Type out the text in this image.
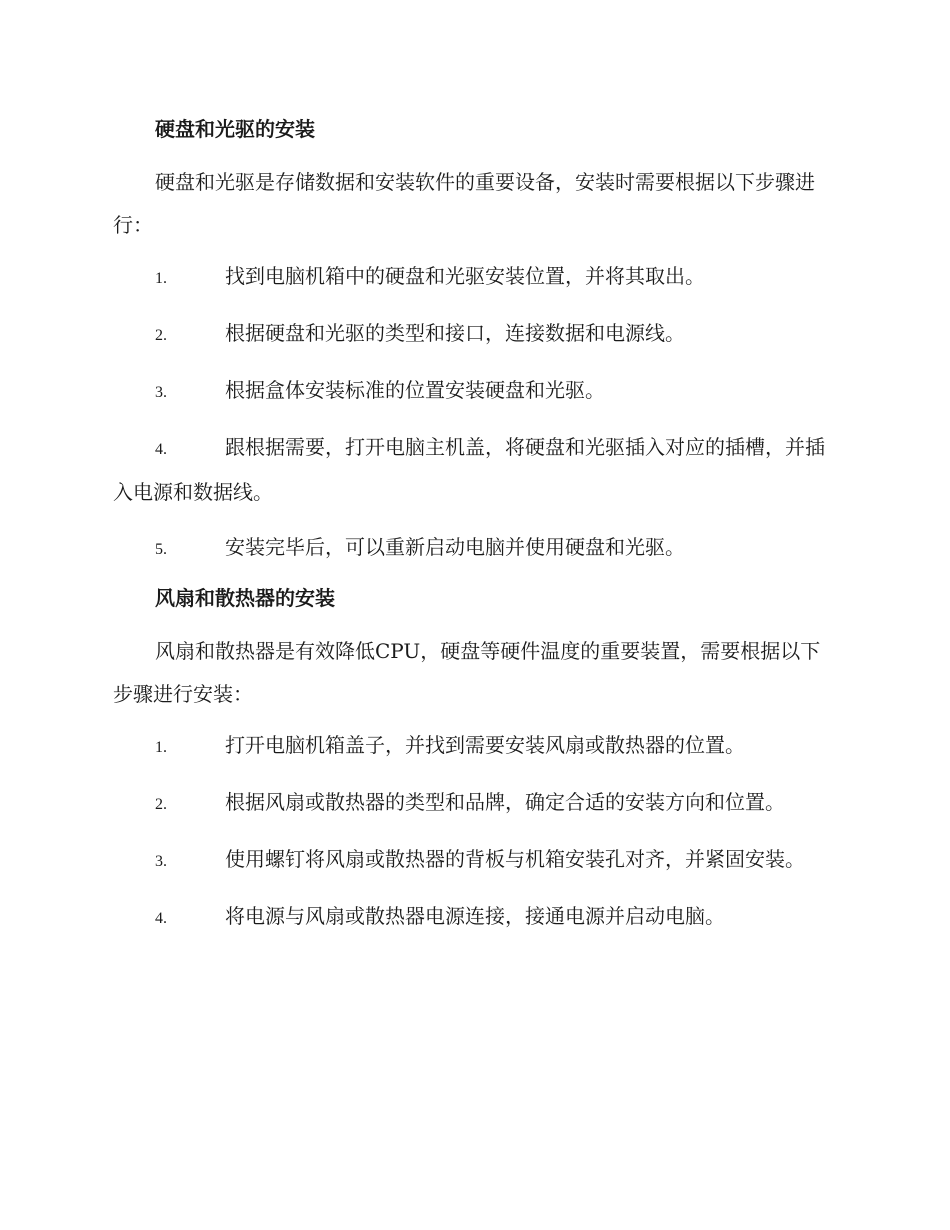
硬盘和光驱的安装

硬盘和光驱是存储数据和安装软件的重要设备，安装时需要根据以下步骤进行：

1.	找到电脑机箱中的硬盘和光驱安装位置，并将其取出。

2.	根据硬盘和光驱的类型和接口，连接数据和电源线。

3.	根据盒体安装标准的位置安装硬盘和光驱。

4.	跟根据需要，打开电脑主机盖，将硬盘和光驱插入对应的插槽，并插入电源和数据线。

5.	安装完毕后，可以重新启动电脑并使用硬盘和光驱。

风扇和散热器的安装

风扇和散热器是有效降低CPU，硬盘等硬件温度的重要装置，需要根据以下步骤进行安装：

1.	打开电脑机箱盖子，并找到需要安装风扇或散热器的位置。

2.	根据风扇或散热器的类型和品牌，确定合适的安装方向和位置。

3.	使用螺钉将风扇或散热器的背板与机箱安装孔对齐，并紧固安装。

4.	将电源与风扇或散热器电源连接，接通电源并启动电脑。
